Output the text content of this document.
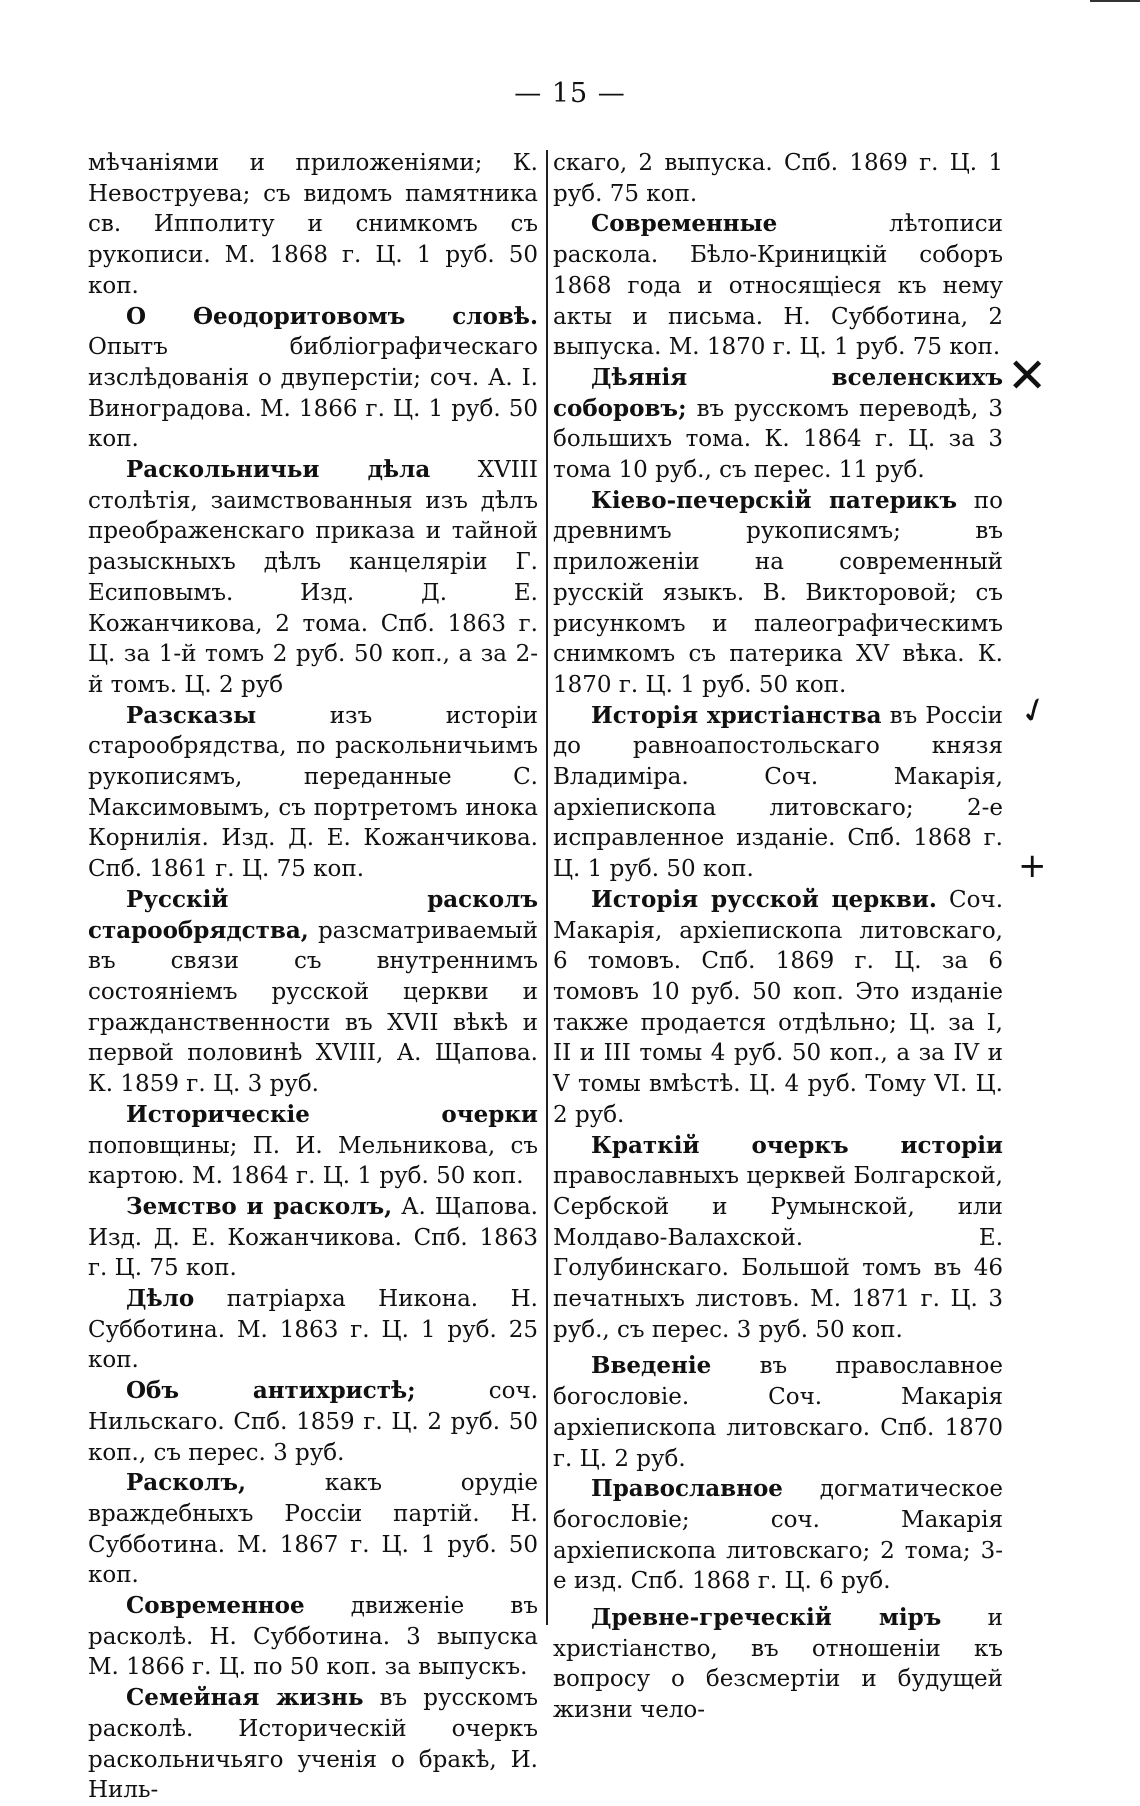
— 15 —

мѣчаніями и приложеніями; К. Невоструева; съ видомъ памятника св. Ипполиту и снимкомъ съ рукописи. М. 1868 г. Ц. 1 руб. 50 коп.

О Ѳеодоритовомъ словѣ. Опытъ библіографическаго изслѣдованія о двуперстіи; соч. А. І. Виноградова. М. 1866 г. Ц. 1 руб. 50 коп.

Раскольничьи дѣла XVIII столѣтія, заимствованныя изъ дѣлъ преображенскаго приказа и тайной разыскныхъ дѣлъ канцеляріи Г. Есиповымъ. Изд. Д. Е. Кожанчикова, 2 тома. Спб. 1863 г. Ц. за 1-й томъ 2 руб. 50 коп., а за 2-й томъ. Ц. 2 руб

Разсказы изъ исторіи старообрядства, по раскольничьимъ рукописямъ, переданные С. Максимовымъ, съ портретомъ инока Корнилія. Изд. Д. Е. Кожанчикова. Спб. 1861 г. Ц. 75 коп.

Русскій расколъ старообрядства, разсматриваемый въ связи съ внутреннимъ состояніемъ русской церкви и гражданственности въ XVII вѣкѣ и первой половинѣ XVIII, А. Щапова. К. 1859 г. Ц. 3 руб.

Историческіе очерки поповщины; П. И. Мельникова, съ картою. М. 1864 г. Ц. 1 руб. 50 коп.

Земство и расколъ, А. Щапова. Изд. Д. Е. Кожанчикова. Спб. 1863 г. Ц. 75 коп.

Дѣло патріарха Никона. Н. Субботина. М. 1863 г. Ц. 1 руб. 25 коп.

Объ антихристѣ; соч. Нильскаго. Спб. 1859 г. Ц. 2 руб. 50 коп., съ перес. 3 руб.

Расколъ, какъ орудіе враждебныхъ Россіи партій. Н. Субботина. М. 1867 г. Ц. 1 руб. 50 коп.

Современное движеніе въ расколѣ. Н. Субботина. 3 выпуска М. 1866 г. Ц. по 50 коп. за выпускъ.

Семейная жизнь въ русскомъ расколѣ. Историческій очеркъ раскольничьяго ученія о бракѣ, И. Ниль-

скаго, 2 выпуска. Спб. 1869 г. Ц. 1 руб. 75 коп.

Современные лѣтописи раскола. Бѣло-Криницкій соборъ 1868 года и относящіеся къ нему акты и письма. Н. Субботина, 2 выпуска. М. 1870 г. Ц. 1 руб. 75 коп.

Дѣянія вселенскихъ соборовъ; въ русскомъ переводѣ, 3 большихъ тома. К. 1864 г. Ц. за 3 тома 10 руб., съ перес. 11 руб.

Кіево-печерскій патерикъ по древнимъ рукописямъ; въ приложеніи на современный русскій языкъ. В. Викторовой; съ рисункомъ и палеографическимъ снимкомъ съ патерика XV вѣка. К. 1870 г. Ц. 1 руб. 50 коп.

Исторія христіанства въ Россіи до равноапостольскаго князя Владиміра. Соч. Макарія, архіепископа литовскаго; 2-е исправленное изданіе. Спб. 1868 г. Ц. 1 руб. 50 коп.

Исторія русской церкви. Соч. Макарія, архіепископа литовскаго, 6 томовъ. Спб. 1869 г. Ц. за 6 томовъ 10 руб. 50 коп. Это изданіе также продается отдѣльно; Ц. за I, II и III томы 4 руб. 50 коп., а за IV и V томы вмѣстѣ. Ц. 4 руб. Тому VI. Ц. 2 руб.

Краткій очеркъ исторіи православныхъ церквей Болгарской, Сербской и Румынской, или Молдаво-Валахской. Е. Голубинскаго. Большой томъ въ 46 печатныхъ листовъ. М. 1871 г. Ц. 3 руб., съ перес. 3 руб. 50 коп.

Введеніе въ православное богословіе. Соч. Макарія архіепископа литовскаго. Спб. 1870 г. Ц. 2 руб.

Православное догматическое богословіе; соч. Макарія архіепископа литовскаго; 2 тома; 3-е изд. Спб. 1868 г. Ц. 6 руб.

Древне-греческій міръ и христіанство, въ отношеніи къ вопросу о безсмертіи и будущей жизни чело-

✕
✓
+
